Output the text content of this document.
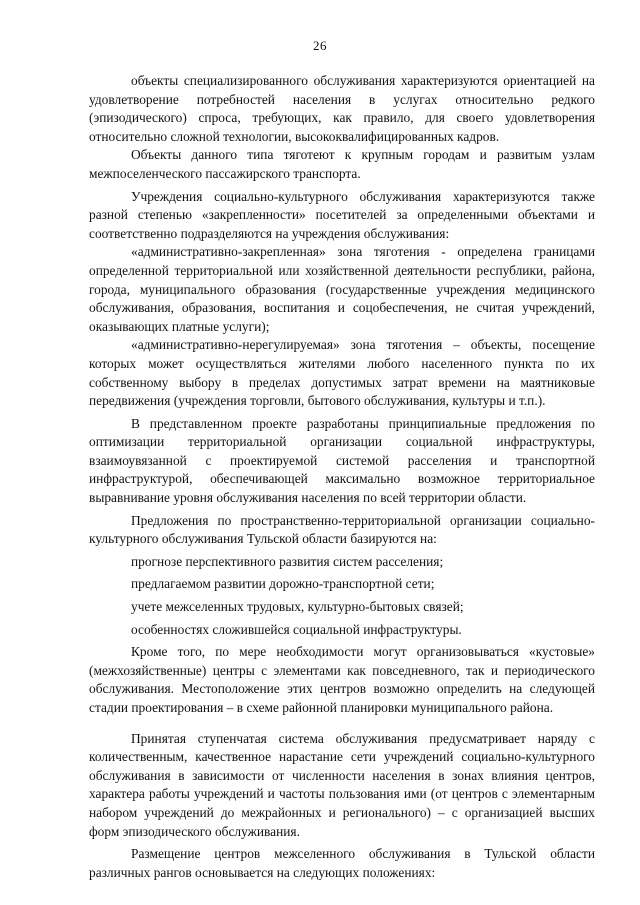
26

объекты специализированного обслуживания характеризуются ориентацией на удовлетворение потребностей населения в услугах относительно редкого (эпизодического) спроса, требующих, как правило, для своего удовлетворения относительно сложной технологии, высококвалифицированных кадров.

Объекты данного типа тяготеют к крупным городам и развитым узлам межпоселенческого пассажирского транспорта.

Учреждения социально-культурного обслуживания характеризуются также разной степенью «закрепленности» посетителей за определенными объектами и соответственно подразделяются на учреждения обслуживания:

«административно-закрепленная» зона тяготения - определена границами определенной территориальной или хозяйственной деятельности республики, района, города, муниципального образования (государственные учреждения медицинского обслуживания, образования, воспитания и соцобеспечения, не считая учреждений, оказывающих платные услуги);

«административно-нерегулируемая» зона тяготения – объекты, посещение которых может осуществляться жителями любого населенного пункта по их собственному выбору в пределах допустимых затрат времени на маятниковые передвижения (учреждения торговли, бытового обслуживания, культуры и т.п.).

В представленном проекте разработаны принципиальные предложения по оптимизации территориальной организации социальной инфраструктуры, взаимоувязанной с проектируемой системой расселения и транспортной инфраструктурой, обеспечивающей максимально возможное территориальное выравнивание уровня обслуживания населения по всей территории области.

Предложения по пространственно-территориальной организации социально-культурного обслуживания Тульской области базируются на:

прогнозе перспективного развития систем расселения;

предлагаемом развитии дорожно-транспортной сети;

учете межселенных трудовых, культурно-бытовых связей;

особенностях сложившейся социальной инфраструктуры.

Кроме того, по мере необходимости могут организовываться «кустовые» (межхозяйственные) центры с элементами как повседневного, так и периодического обслуживания. Местоположение этих центров возможно определить на следующей стадии проектирования – в схеме районной планировки муниципального района.

Принятая ступенчатая система обслуживания предусматривает наряду с количественным, качественное нарастание сети учреждений социально-культурного обслуживания в зависимости от численности населения в зонах влияния центров, характера работы учреждений и частоты пользования ими (от центров с элементарным набором учреждений до межрайонных и регионального) – с организацией высших форм эпизодического обслуживания.

Размещение центров межселенного обслуживания в Тульской области различных рангов основывается на следующих положениях:
